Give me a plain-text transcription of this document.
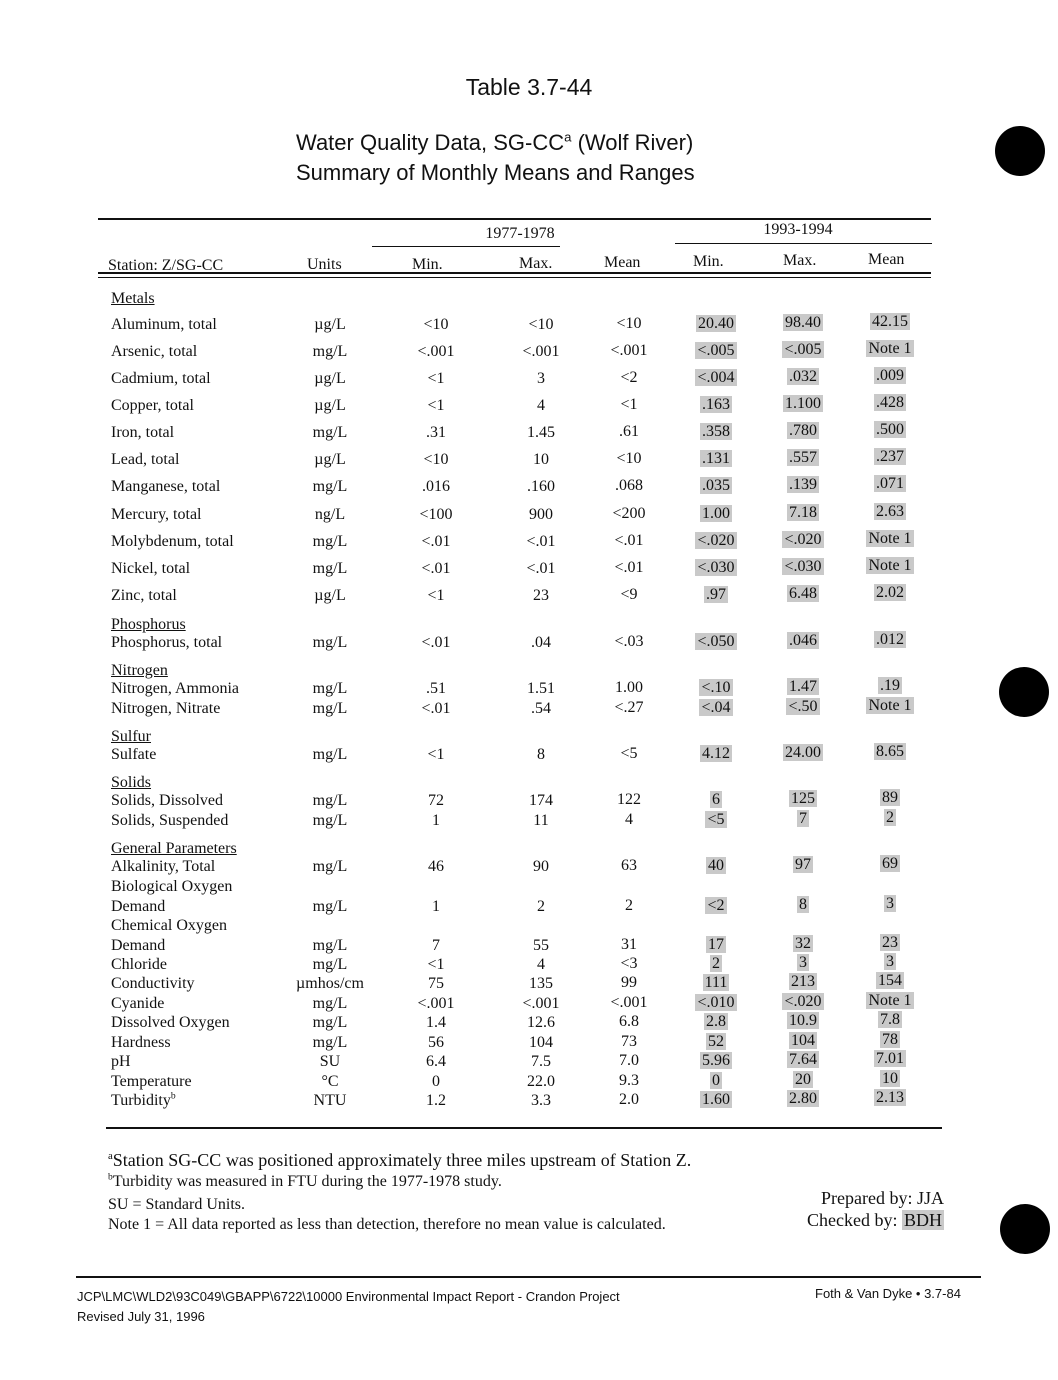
Table 3.7-44
Water Quality Data, $SG-CC^a$ (Wolf River)
Summary of Monthly Means and Ranges
1977-1978	1993-1994
Station: Z/SG-CC	Units	Min.	Max.	Mean	Min.	Max.	Mean
Metals
Aluminum, total	µg/L	<10	<10	<10	20.40	98.40	42.15
Arsenic, total	mg/L	<.001	<.001	<.001	<.005	<.005	Note 1
Cadmium, total	µg/L	<1	3	<2	<.004	.032	.009
Copper, total	µg/L	<1	4	<1	.163	1.100	.428
Iron, total	mg/L	.31	1.45	.61	.358	.780	.500
Lead, total	µg/L	<10	10	<10	.131	.557	.237
Manganese, total	mg/L	.016	.160	.068	.035	.139	.071
Mercury, total	ng/L	<100	900	<200	1.00	7.18	2.63
Molybdenum, total	mg/L	<.01	<.01	<.01	<.020	<.020	Note 1
Nickel, total	mg/L	<.01	<.01	<.01	<.030	<.030	Note 1
Zinc, total	µg/L	<1	23	<9	.97	6.48	2.02
Phosphorus
Phosphorus, total	mg/L	<.01	.04	<.03	<.050	.046	.012
Nitrogen
Nitrogen, Ammonia	mg/L	.51	1.51	1.00	<.10	1.47	.19
Nitrogen, Nitrate	mg/L	<.01	.54	<.27	<.04	<.50	Note 1
Sulfur
Sulfate	mg/L	<1	8	<5	4.12	24.00	8.65
Solids
Solids, Dissolved	mg/L	72	174	122	6	125	89
Solids, Suspended	mg/L	1	11	4	<5	7	2
General Parameters
Alkalinity, Total	mg/L	46	90	63	40	97	69
Biological Oxygen
Demand	mg/L	1	2	2	<2	8	3
Chemical Oxygen
Demand	mg/L	7	55	31	17	32	23
Chloride	mg/L	<1	4	<3	2	3	3
Conductivity	µmhos/cm	75	135	99	111	213	154
Cyanide	mg/L	<.001	<.001	<.001	<.010	<.020	Note 1
Dissolved Oxygen	mg/L	1.4	12.6	6.8	2.8	10.9	7.8
Hardness	mg/L	56	104	73	52	104	78
pH	SU	6.4	7.5	7.0	5.96	7.64	7.01
Temperature	°C	0	22.0	9.3	0	20	10
Turbidity$^b$	NTU	1.2	3.3	2.0	1.60	2.80	2.13
$^a$Station SG-CC was positioned approximately three miles upstream of Station Z.
$^b$Turbidity was measured in FTU during the 1977-1978 study.
SU = Standard Units.
Note 1 = All data reported as less than detection, therefore no mean value is calculated.
Prepared by: JJA
Checked by: BDH
JCP\LMC\WLD2\93C049\GBAPP\6722\10000 Environmental Impact Report - Crandon Project
Revised July 31, 1996
Foth & Van Dyke • 3.7-84
